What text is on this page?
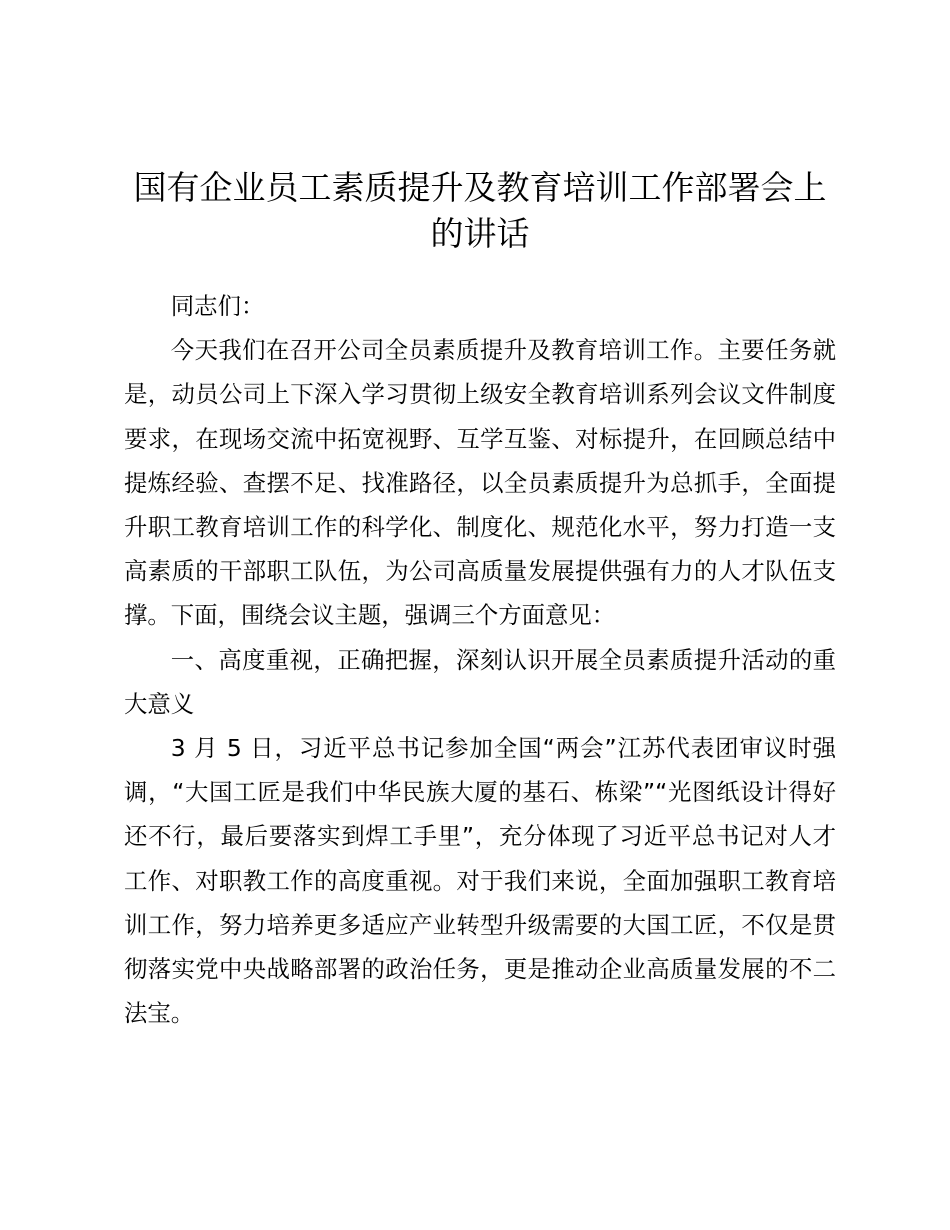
国有企业员工素质提升及教育培训工作部署会上的讲话

同志们：

今天我们在召开公司全员素质提升及教育培训工作。主要任务就是，动员公司上下深入学习贯彻上级安全教育培训系列会议文件制度要求，在现场交流中拓宽视野、互学互鉴、对标提升，在回顾总结中提炼经验、查摆不足、找准路径，以全员素质提升为总抓手，全面提升职工教育培训工作的科学化、制度化、规范化水平，努力打造一支高素质的干部职工队伍，为公司高质量发展提供强有力的人才队伍支撑。下面，围绕会议主题，强调三个方面意见：

一、高度重视，正确把握，深刻认识开展全员素质提升活动的重大意义

3 月 5 日，习近平总书记参加全国“两会”江苏代表团审议时强调，“大国工匠是我们中华民族大厦的基石、栋梁”“光图纸设计得好还不行，最后要落实到焊工手里”，充分体现了习近平总书记对人才工作、对职教工作的高度重视。对于我们来说，全面加强职工教育培训工作，努力培养更多适应产业转型升级需要的大国工匠，不仅是贯彻落实党中央战略部署的政治任务，更是推动企业高质量发展的不二法宝。
